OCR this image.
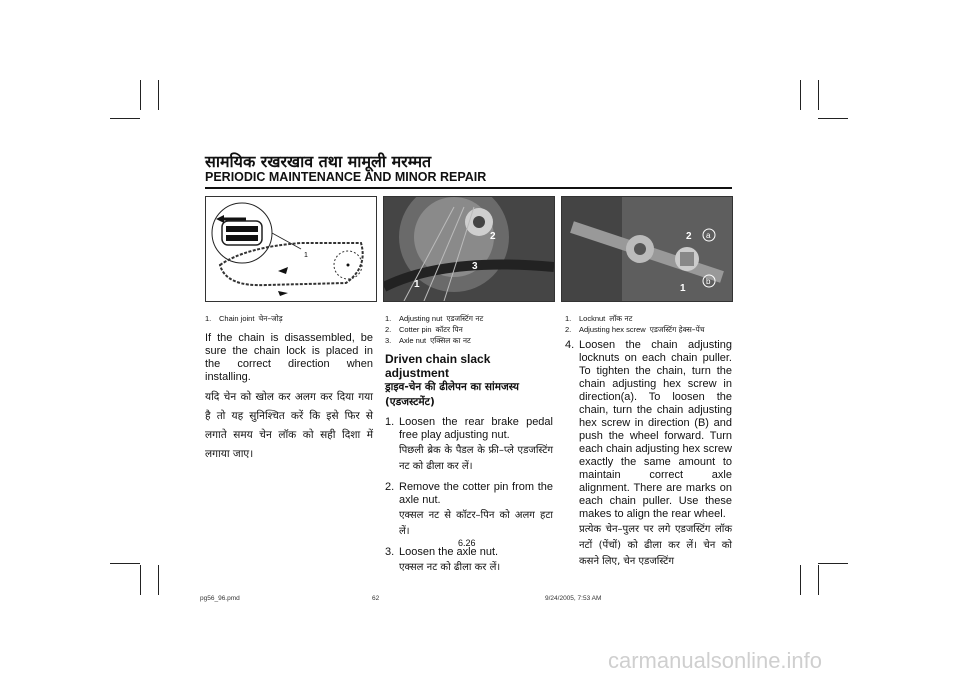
सामयिक रखरखाव तथा मामूली मरम्मत
PERIODIC MAINTENANCE AND MINOR REPAIR
1
2
3
1
2 a
b
1
1.	Chain joint चेन–जोड़
If the chain is disassembled, be sure the chain lock is placed in the correct direction when installing.
यदि चेन को खोल कर अलग कर दिया गया है तो यह सुनिश्चित करें कि इसे फिर से लगाते समय चेन लॉक को सही दिशा में लगाया जाए।
1.	Adjusting nut एडजस्टिंग नट
2.	Cotter pin कॉटर पिन
3.	Axle nut एक्सिल का नट
Driven chain slack adjustment
ड्राइव-चेन की ढीलेपन का सांमजस्य (एडजस्टमेंट)
1. Loosen the rear brake pedal free play adjusting nut.
पिछली ब्रेक के पैडल के फ्री–प्ले एडजस्टिंग नट को ढीला कर लें।
2. Remove the cotter pin from the axle nut.
एक्सल नट से कॉटर–पिन को अलग हटा लें।
3. Loosen the axle nut.
एक्सल नट को ढीला कर लें।
1.	Locknut लॉक नट
2.	Adjusting hex screw एडजस्टिंग हेक्स–पेंच
4. Loosen the chain adjusting locknuts on each chain puller. To tighten the chain, turn the chain adjusting hex screw in direction(a). To loosen the chain, turn the chain adjusting hex screw in direction (B) and push the wheel forward. Turn each chain adjusting hex screw exactly the same amount to maintain correct axle alignment. There are marks on each chain puller. Use these makes to align the rear wheel.
प्रत्येक चेन–पुलर पर लगे एडजस्टिंग लॉक नटों (पेंचों) को ढीला कर लें। चेन को कसने लिए, चेन एडजस्टिंग
6.26
pg56_96.pmd	62	9/24/2005, 7:53 AM
carmanualsonline.info
